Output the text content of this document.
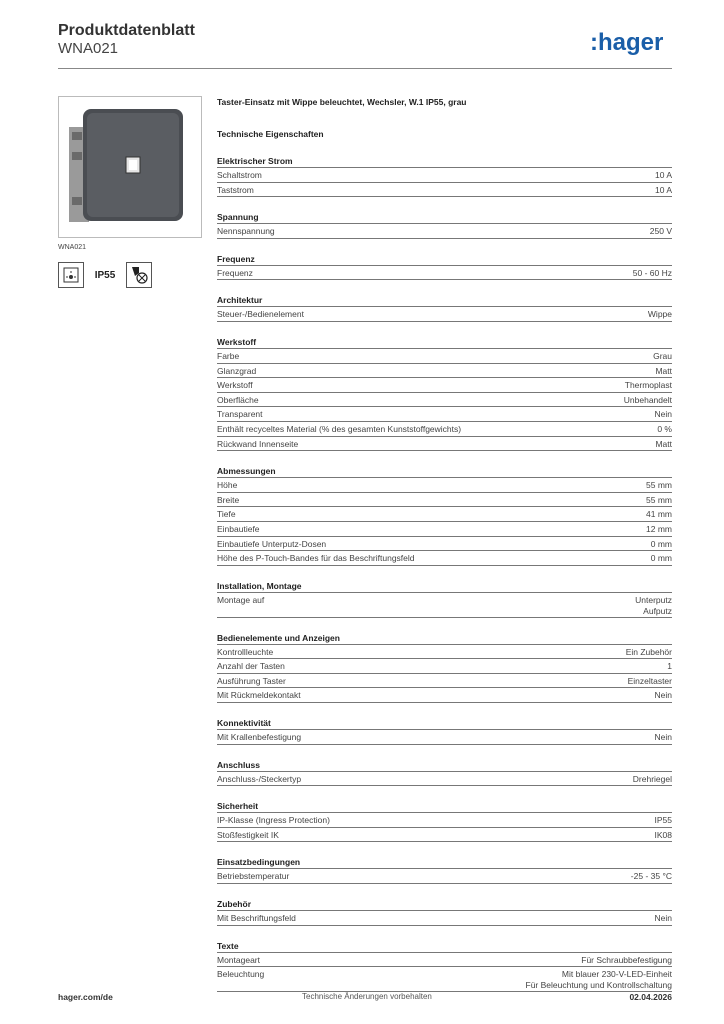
Produktdatenblatt
WNA021	:hager
WNA021
IP55
Taster-Einsatz mit Wippe beleuchtet, Wechsler, W.1 IP55, grau
Technische Eigenschaften
Elektrischer Strom
Schaltstrom	10 A
Taststrom	10 A
Spannung
Nennspannung	250 V
Frequenz
Frequenz	50 - 60 Hz
Architektur
Steuer-/Bedienelement	Wippe
Werkstoff
Farbe	Grau
Glanzgrad	Matt
Werkstoff	Thermoplast
Oberfläche	Unbehandelt
Transparent	Nein
Enthält recyceltes Material (% des gesamten Kunststoffgewichts)	0 %
Rückwand Innenseite	Matt
Abmessungen
Höhe	55 mm
Breite	55 mm
Tiefe	41 mm
Einbautiefe	12 mm
Einbautiefe Unterputz-Dosen	0 mm
Höhe des P-Touch-Bandes für das Beschriftungsfeld	0 mm
Installation, Montage
Montage auf	Unterputz
Aufputz
Bedienelemente und Anzeigen
Kontrollleuchte	Ein Zubehör
Anzahl der Tasten	1
Ausführung Taster	Einzeltaster
Mit Rückmeldekontakt	Nein
Konnektivität
Mit Krallenbefestigung	Nein
Anschluss
Anschluss-/Steckertyp	Drehriegel
Sicherheit
IP-Klasse (Ingress Protection)	IP55
Stoßfestigkeit IK	IK08
Einsatzbedingungen
Betriebstemperatur	-25 - 35 °C
Zubehör
Mit Beschriftungsfeld	Nein
Texte
Montageart	Für Schraubbefestigung
Beleuchtung	Mit blauer 230-V-LED-Einheit
Für Beleuchtung und Kontrollschaltung
hager.com/de	Technische Änderungen vorbehalten	02.04.2026
